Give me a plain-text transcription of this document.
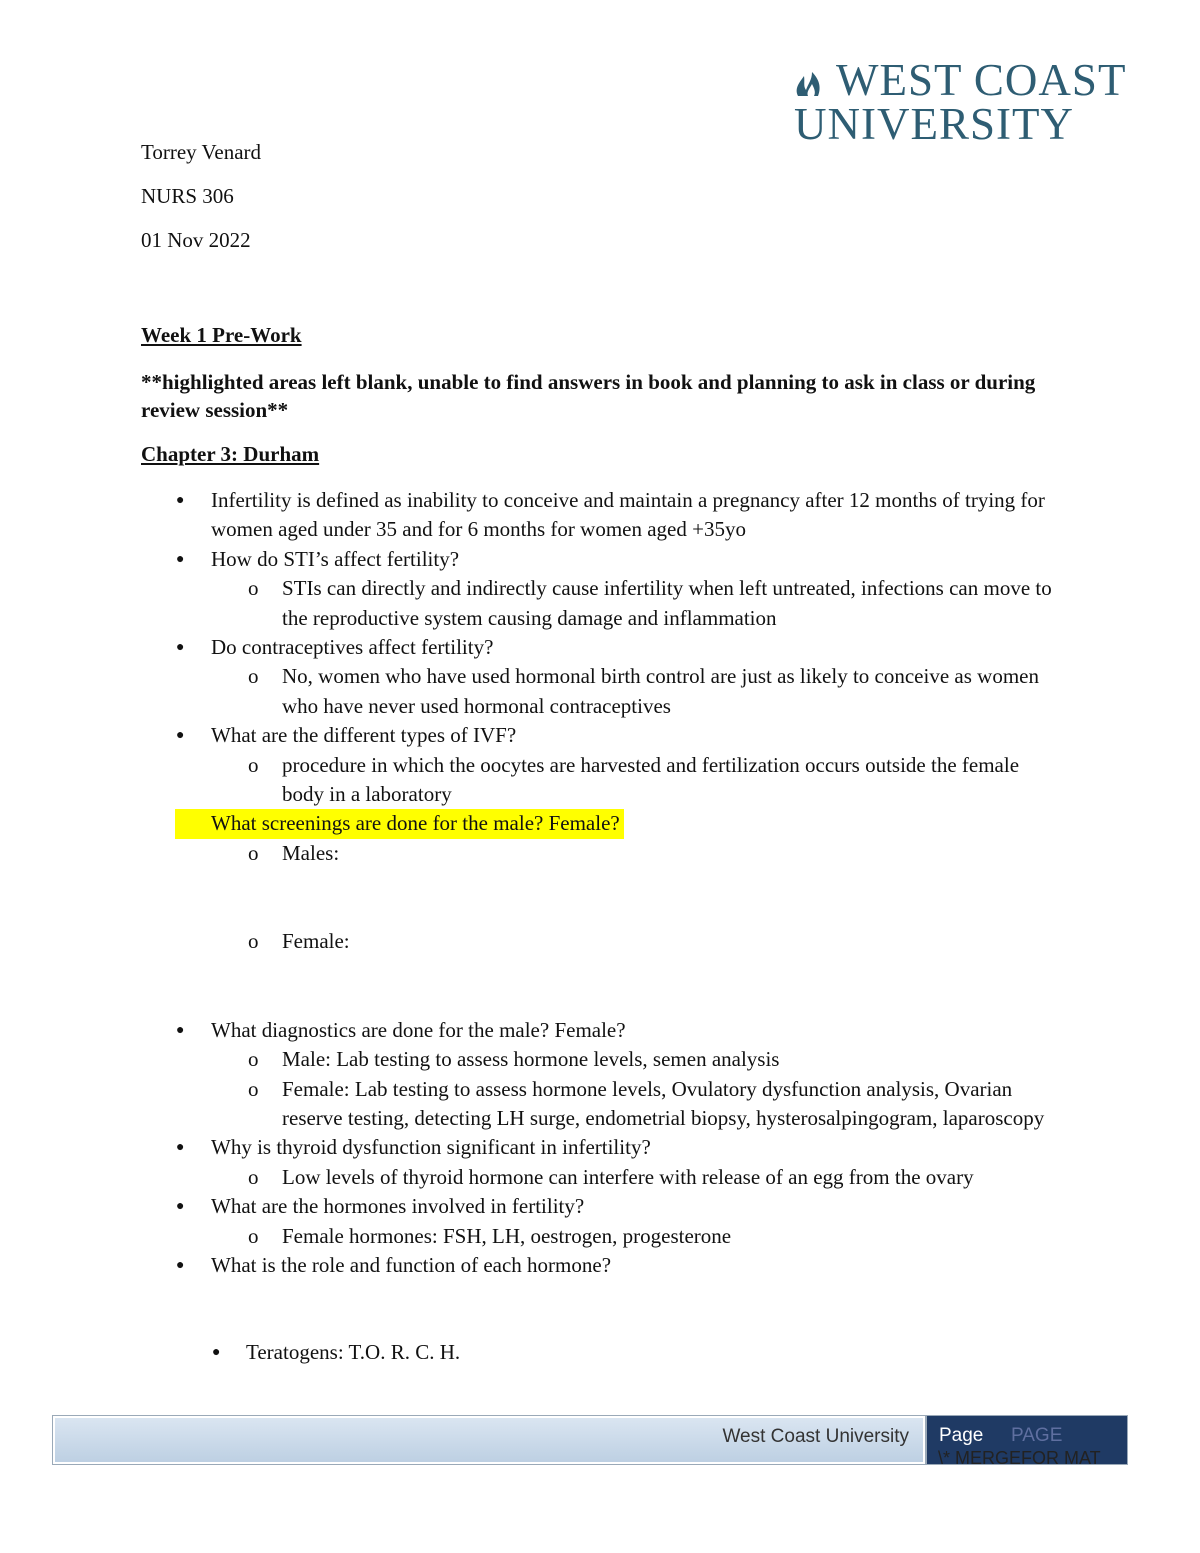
WEST COAST
UNIVERSITY
Torrey Venard
NURS 306
01 Nov 2022
Week 1 Pre-Work
**highlighted areas left blank, unable to find answers in book and planning to ask in class or during review session**
Chapter 3: Durham
● Infertility is defined as inability to conceive and maintain a pregnancy after 12 months of trying for women aged under 35 and for 6 months for women aged +35yo
● How do STI’s affect fertility?
o STIs can directly and indirectly cause infertility when left untreated, infections can move to the reproductive system causing damage and inflammation
● Do contraceptives affect fertility?
o No, women who have used hormonal birth control are just as likely to conceive as women who have never used hormonal contraceptives
● What are the different types of IVF?
o procedure in which the oocytes are harvested and fertilization occurs outside the female body in a laboratory
What screenings are done for the male? Female?
o Males:
o Female:
● What diagnostics are done for the male? Female?
o Male: Lab testing to assess hormone levels, semen analysis
o Female: Lab testing to assess hormone levels, Ovulatory dysfunction analysis, Ovarian reserve testing, detecting LH surge, endometrial biopsy, hysterosalpingogram, laparoscopy
● Why is thyroid dysfunction significant in infertility?
o Low levels of thyroid hormone can interfere with release of an egg from the ovary
● What are the hormones involved in fertility?
o Female hormones: FSH, LH, oestrogen, progesterone
● What is the role and function of each hormone?
● Teratogens: T.O. R. C. H.
West Coast University Page PAGE
\* MERGEFOR MAT
